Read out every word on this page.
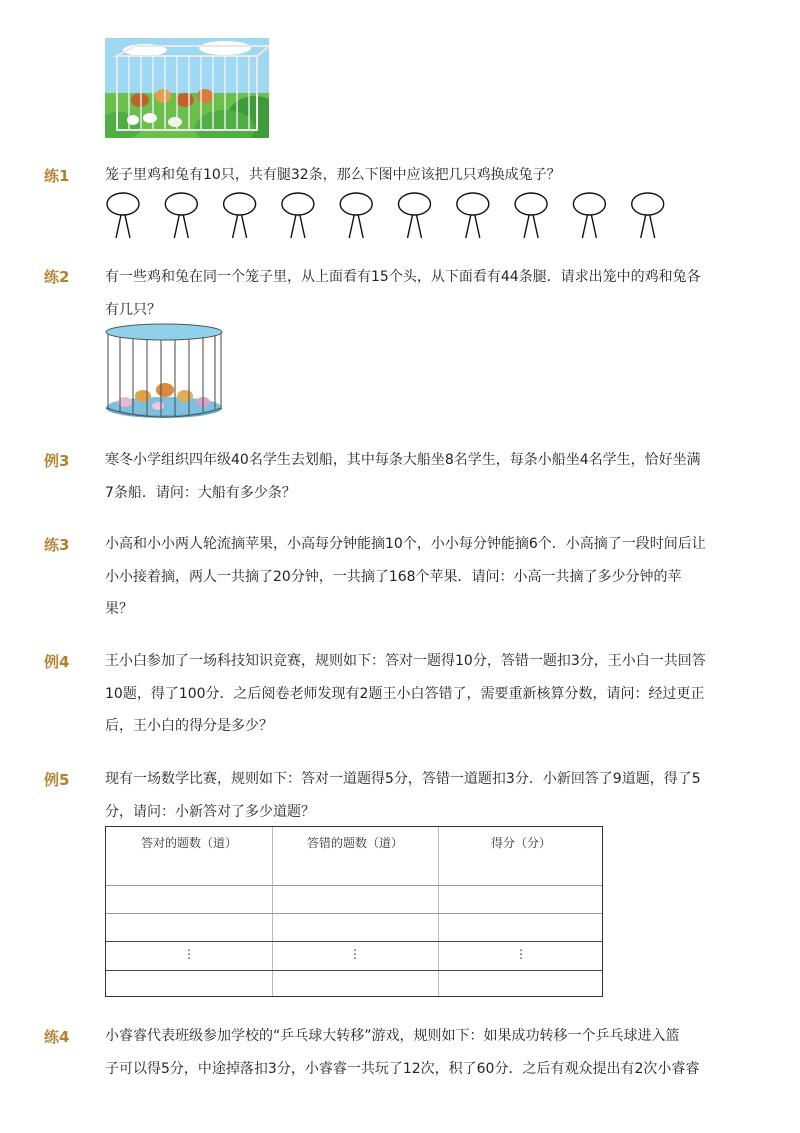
练1	笼子里鸡和兔有10只，共有腿32条，那么下图中应该把几只鸡换成兔子？
练2	有一些鸡和兔在同一个笼子里，从上面看有15个头，从下面看有44条腿．请求出笼中的鸡和兔各
有几只？
例3	寒冬小学组织四年级40名学生去划船，其中每条大船坐8名学生，每条小船坐4名学生，恰好坐满
7条船．请问：大船有多少条？
练3	小高和小小两人轮流摘苹果，小高每分钟能摘10个，小小每分钟能摘6个．小高摘了一段时间后让
小小接着摘，两人一共摘了20分钟，一共摘了168个苹果．请问：小高一共摘了多少分钟的苹
果？
例4	王小白参加了一场科技知识竞赛，规则如下：答对一题得10分，答错一题扣3分，王小白一共回答
10题，得了100分．之后阅卷老师发现有2题王小白答错了，需要重新核算分数，请问：经过更正
后，王小白的得分是多少？
例5	现有一场数学比赛，规则如下：答对一道题得5分，答错一道题扣3分．小新回答了9道题，得了5
分，请问：小新答对了多少道题？
答对的题数（道）	答错的题数（道）	得分（分）
⋮	⋮	⋮
练4	小睿睿代表班级参加学校的“乒乓球大转移”游戏，规则如下：如果成功转移一个乒乓球进入篮
子可以得5分，中途掉落扣3分，小睿睿一共玩了12次，积了60分．之后有观众提出有2次小睿睿
